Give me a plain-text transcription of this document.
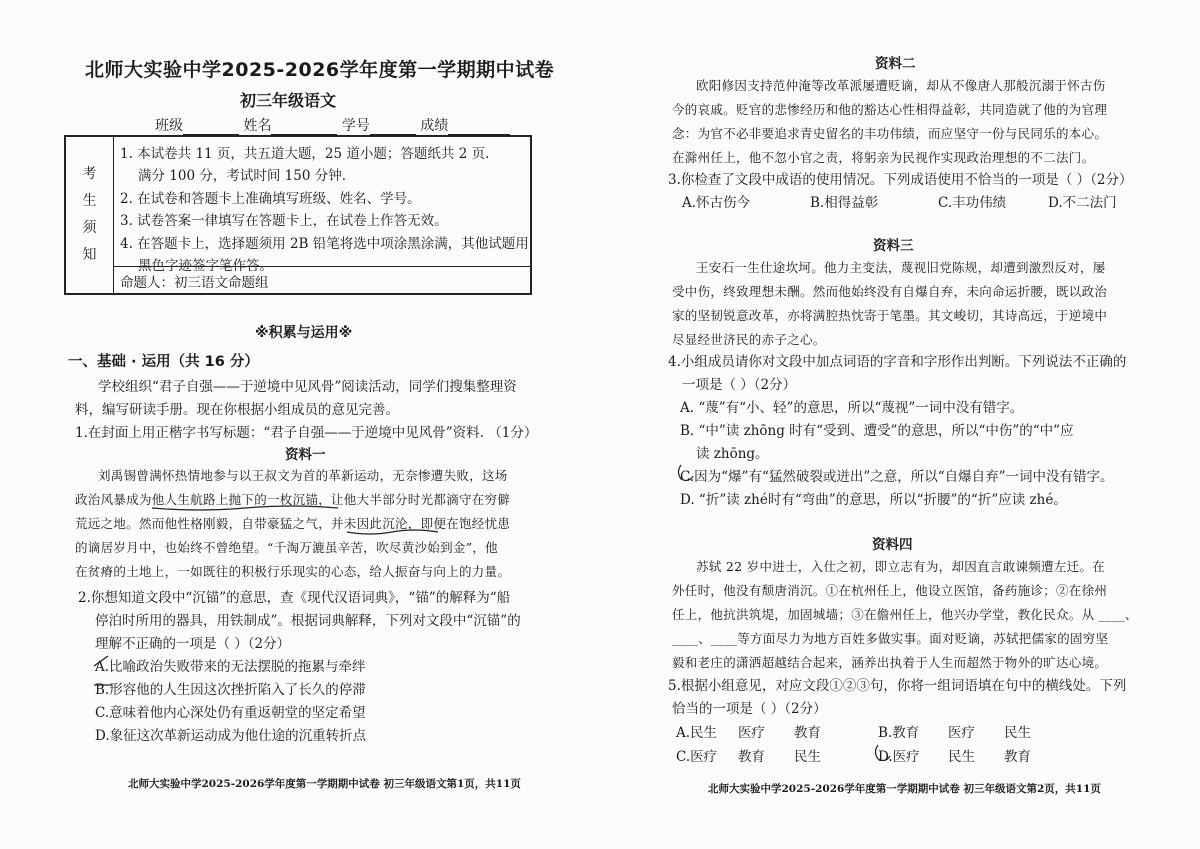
北师大实验中学2025-2026学年度第一学期期中试卷
初三年级语文
班级	姓名	学号	成绩
考
生
须
知
1. 本试卷共 11 页，共五道大题，25 道小题；答题纸共 2 页.
满分 100 分，考试时间 150 分钟.
2. 在试卷和答题卡上准确填写班级、姓名、学号。
3. 试卷答案一律填写在答题卡上，在试卷上作答无效。
4. 在答题卡上，选择题须用 2B 铅笔将选中项涂黑涂满，其他试题用
黑色字迹签字笔作答。
命题人：初三语文命题组
※积累与运用※
一、基础 · 运用（共 16 分）
学校组织“君子自强——于逆境中见风骨”阅读活动，同学们搜集整理资
料，编写研读手册。现在你根据小组成员的意见完善。
1.在封面上用正楷字书写标题：“君子自强——于逆境中见风骨”资料. （1分）
资料一
刘禹锡曾满怀热情地参与以王叔文为首的革新运动，无奈惨遭失败，这场
政治风暴成为他人生航路上抛下的一枚沉锚，让他大半部分时光都滴守在穷僻
荒远之地。然而他性格刚毅，自带豪猛之气，并未因此沉沦，即便在饱经忧患
的谪居岁月中，也始终不曾绝望。“千淘万漉虽辛苦，吹尽黄沙始到金”，他
在贫瘠的土地上，一如既往的积极行乐现实的心态，给人振奋与向上的力量。
2.你想知道文段中“沉锚”的意思，查《现代汉语词典》，“锚”的解释为“船
停泊时所用的器具，用铁制成”。根据词典解释，下列对文段中“沉锚”的
理解不正确的一项是（ ）（2分）
A.比喻政治失败带来的无法摆脱的拖累与牵绊
B.形容他的人生因这次挫折陷入了长久的停滞
C.意味着他内心深处仍有重返朝堂的坚定希望
D.象征这次革新运动成为他仕途的沉重转折点
北师大实验中学2025-2026学年度第一学期期中试卷 初三年级语文第1页，共11页
资料二
欧阳修因支持范仲淹等改革派屡遭贬谪，却从不像唐人那般沉溺于怀古伤
今的哀戚。贬官的悲惨经历和他的豁达心性相得益彰，共同造就了他的为官理
念：为官不必非要追求青史留名的丰功伟绩，而应坚守一份与民同乐的本心。
在滁州任上，他不忽小官之责，将躬亲为民视作实现政治理想的不二法门。
3.你检查了文段中成语的使用情况。下列成语使用不恰当的一项是（ ）（2分）
A.怀古伤今	B.相得益彰	C.丰功伟绩	D.不二法门
资料三
王安石一生仕途坎坷。他力主变法，蔑视旧党陈规，却遭到激烈反对，屡
受中伤，终致理想未酬。然而他始终没有自爆自弃，未向命运折腰，既以政治
家的坚韧锐意改革，亦将满腔热忱寄于笔墨。其文峻切，其诗高远，于逆境中
尽显经世济民的赤子之心。
4.小组成员请你对文段中加点词语的字音和字形作出判断。下列说法不正确的
一项是（ ）（2分）
A. “蔑”有“小、轻”的意思，所以“蔑视”一词中没有错字。
B. “中”读 zhōng 时有“受到、遭受”的意思，所以“中伤”的“中”应
读 zhōng。
C.因为“爆”有“猛然破裂或迸出”之意，所以“自爆自弃”一词中没有错字。
D. “折”读 zhé时有“弯曲”的意思，所以“折腰”的“折”应读 zhé。
资料四
苏轼 22 岁中进士，入仕之初，即立志有为，却因直言敢谏频遭左迁。在
外任时，他没有颓唐消沉。①在杭州任上，他设立医馆，备药施诊；②在徐州
任上，他抗洪筑堤，加固城墙；③在儋州任上，他兴办学堂，教化民众。从 ____、
____、____等方面尽力为地方百姓多做实事。面对贬谪，苏轼把儒家的固穷坚
毅和老庄的潇洒超越结合起来，涵养出执着于人生而超然于物外的旷达心境。
5.根据小组意见，对应文段①②③句，你将一组词语填在句中的横线处。下列
恰当的一项是（ ）（2分）
A.民生 医疗 教育	B.教育 医疗 民生
C.医疗 教育 民生	D.医疗 民生 教育
北师大实验中学2025-2026学年度第一学期期中试卷 初三年级语文第2页，共11页
